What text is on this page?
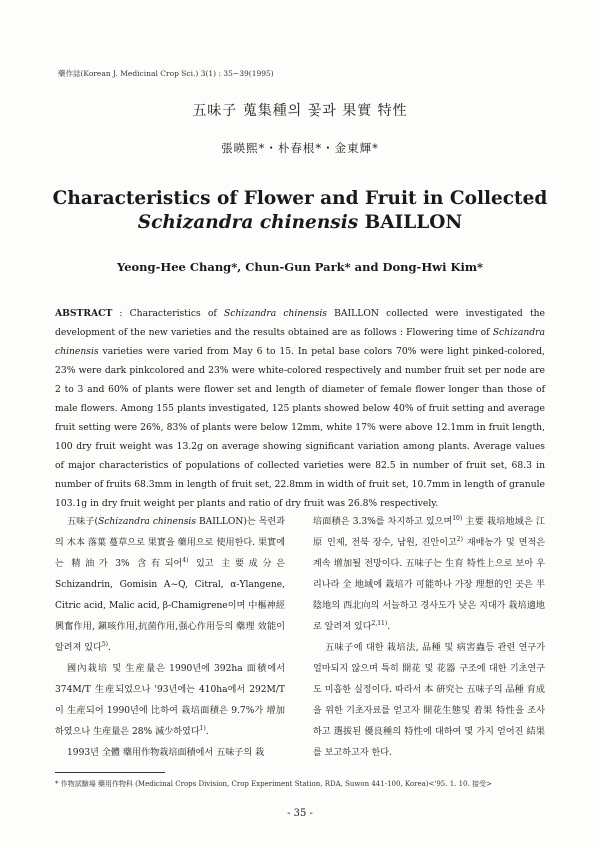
藥作誌(Korean J. Medicinal Crop Sci.) 3(1) : 35~39(1995)
五味子 蒐集種의 꽃과 果實 特性
張暎熙*・朴春根*・金東輝*
Characteristics of Flower and Fruit in Collected
Schizandra chinensis BAILLON
Yeong-Hee Chang*, Chun-Gun Park* and Dong-Hwi Kim*
ABSTRACT : Characteristics of Schizandra chinensis BAILLON collected were investigated the development of the new varieties and the results obtained are as follows : Flowering time of Schizandra chinensis varieties were varied from May 6 to 15. In petal base colors 70% were light pinked-colored, 23% were dark pinkcolored and 23% were white-colored respectively and number fruit set per node are 2 to 3 and 60% of plants were flower set and length of diameter of female flower longer than those of male flowers. Among 155 plants investigated, 125 plants showed below 40% of fruit setting and average fruit setting were 26%, 83% of plants were below 12mm, white 17% were above 12.1mm in fruit length, 100 dry fruit weight was 13.2g on average showing significant variation among plants. Average values of major characteristics of populations of collected varieties were 82.5 in number of fruit set, 68.3 in number of fruits 68.3mm in length of fruit set, 22.8mm in width of fruit set, 10.7mm in length of granule 103.1g in dry fruit weight per plants and ratio of dry fruit was 26.8% respectively.

五味子(Schizandra chinensis BAILLON)는 목련과의 木本 落葉 蔓草으로 果實을 藥用으로 使用한다. 果實에는 精油가 3% 含有되어$^{4)}$ 있고 主要成分은 Schizandrin, Gomisin A~Q, Citral, α-Ylangene, Citric acid, Malic acid, β-Chamigrene이며 中樞神經興奮作用, 鎭咳作用,抗菌作用,强心作用등의 藥理 效能이 알려져 있다$^{5)}$.

國內栽培 및 生産量은 1990년에 392ha 面積에서 374M/T 生産되었으나 '93년에는 410ha에서 292M/T이 生産되어 1990년에 比하여 栽培面積은 9.7%가 增加하였으나 生産量은 28% 減少하였다$^{1)}$.

1993년 全體 藥用作物栽培面積에서 五味子의 栽

培面積은 3.3%를 차지하고 있으며$^{10)}$ 主要 栽培地域은 江原 인제, 전북 장수, 남원, 진안이고$^{2)}$ 재배농가 및 면적은 계속 增加될 전망이다. 五味子는 生育 特性上으로 보아 우리나라 全 地域에 栽培가 可能하나 가장 理想的인 곳은 半陰地의 西北向의 서늘하고 경사도가 낮은 지대가 栽培適地로 알려져 있다$^{2,11)}$.

五味子에 대한 栽培法, 品種 및 病害蟲등 관련 연구가 얼마되지 않으며 특히 開花 및 花器 구조에 대한 기초연구도 미흡한 실정이다. 따라서 本 硏究는 五味子의 品種 育成을 위한 기초자료를 얻고자 開花生態및 着果 特性을 조사하고 選拔된 優良種의 特性에 대하여 몇 가지 얻어진 結果를 보고하고자 한다.

* 作物試驗場 藥用作物科 (Medicinal Crops Division, Crop Experiment Station, RDA, Suwon 441-100, Korea)<'95. 1. 10. 接受>
- 35 -
